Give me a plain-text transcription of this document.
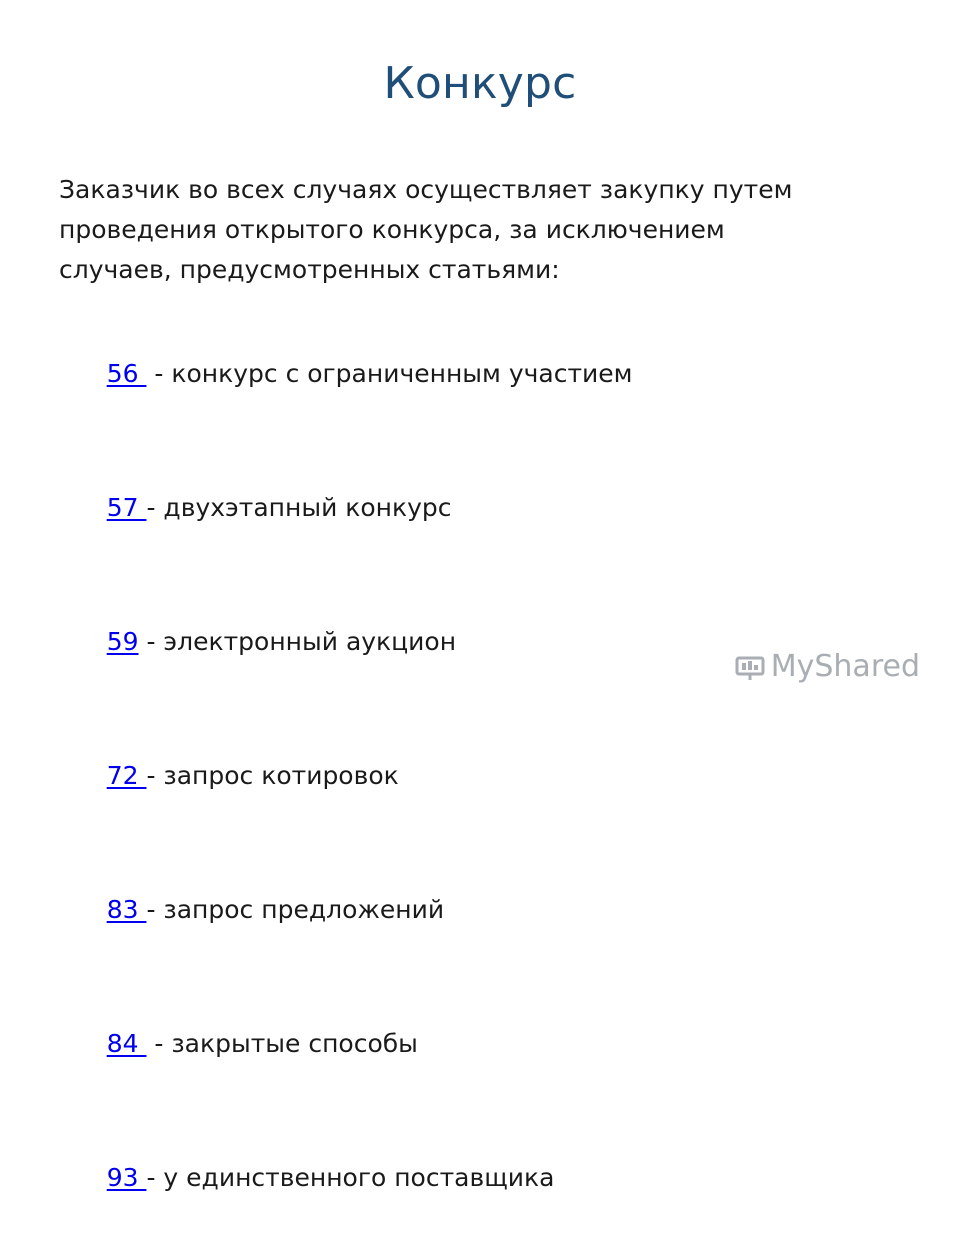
Конкурс

Заказчик во всех случаях осуществляет закупку путем
проведения открытого конкурса, за исключением
случаев, предусмотренных статьями:

56  - конкурс с ограниченным участием

57 - двухэтапный конкурс

59 - электронный аукцион

72 - запрос котировок

83 - запрос предложений

84  - закрытые способы

93 - у единственного поставщика

MyShared
